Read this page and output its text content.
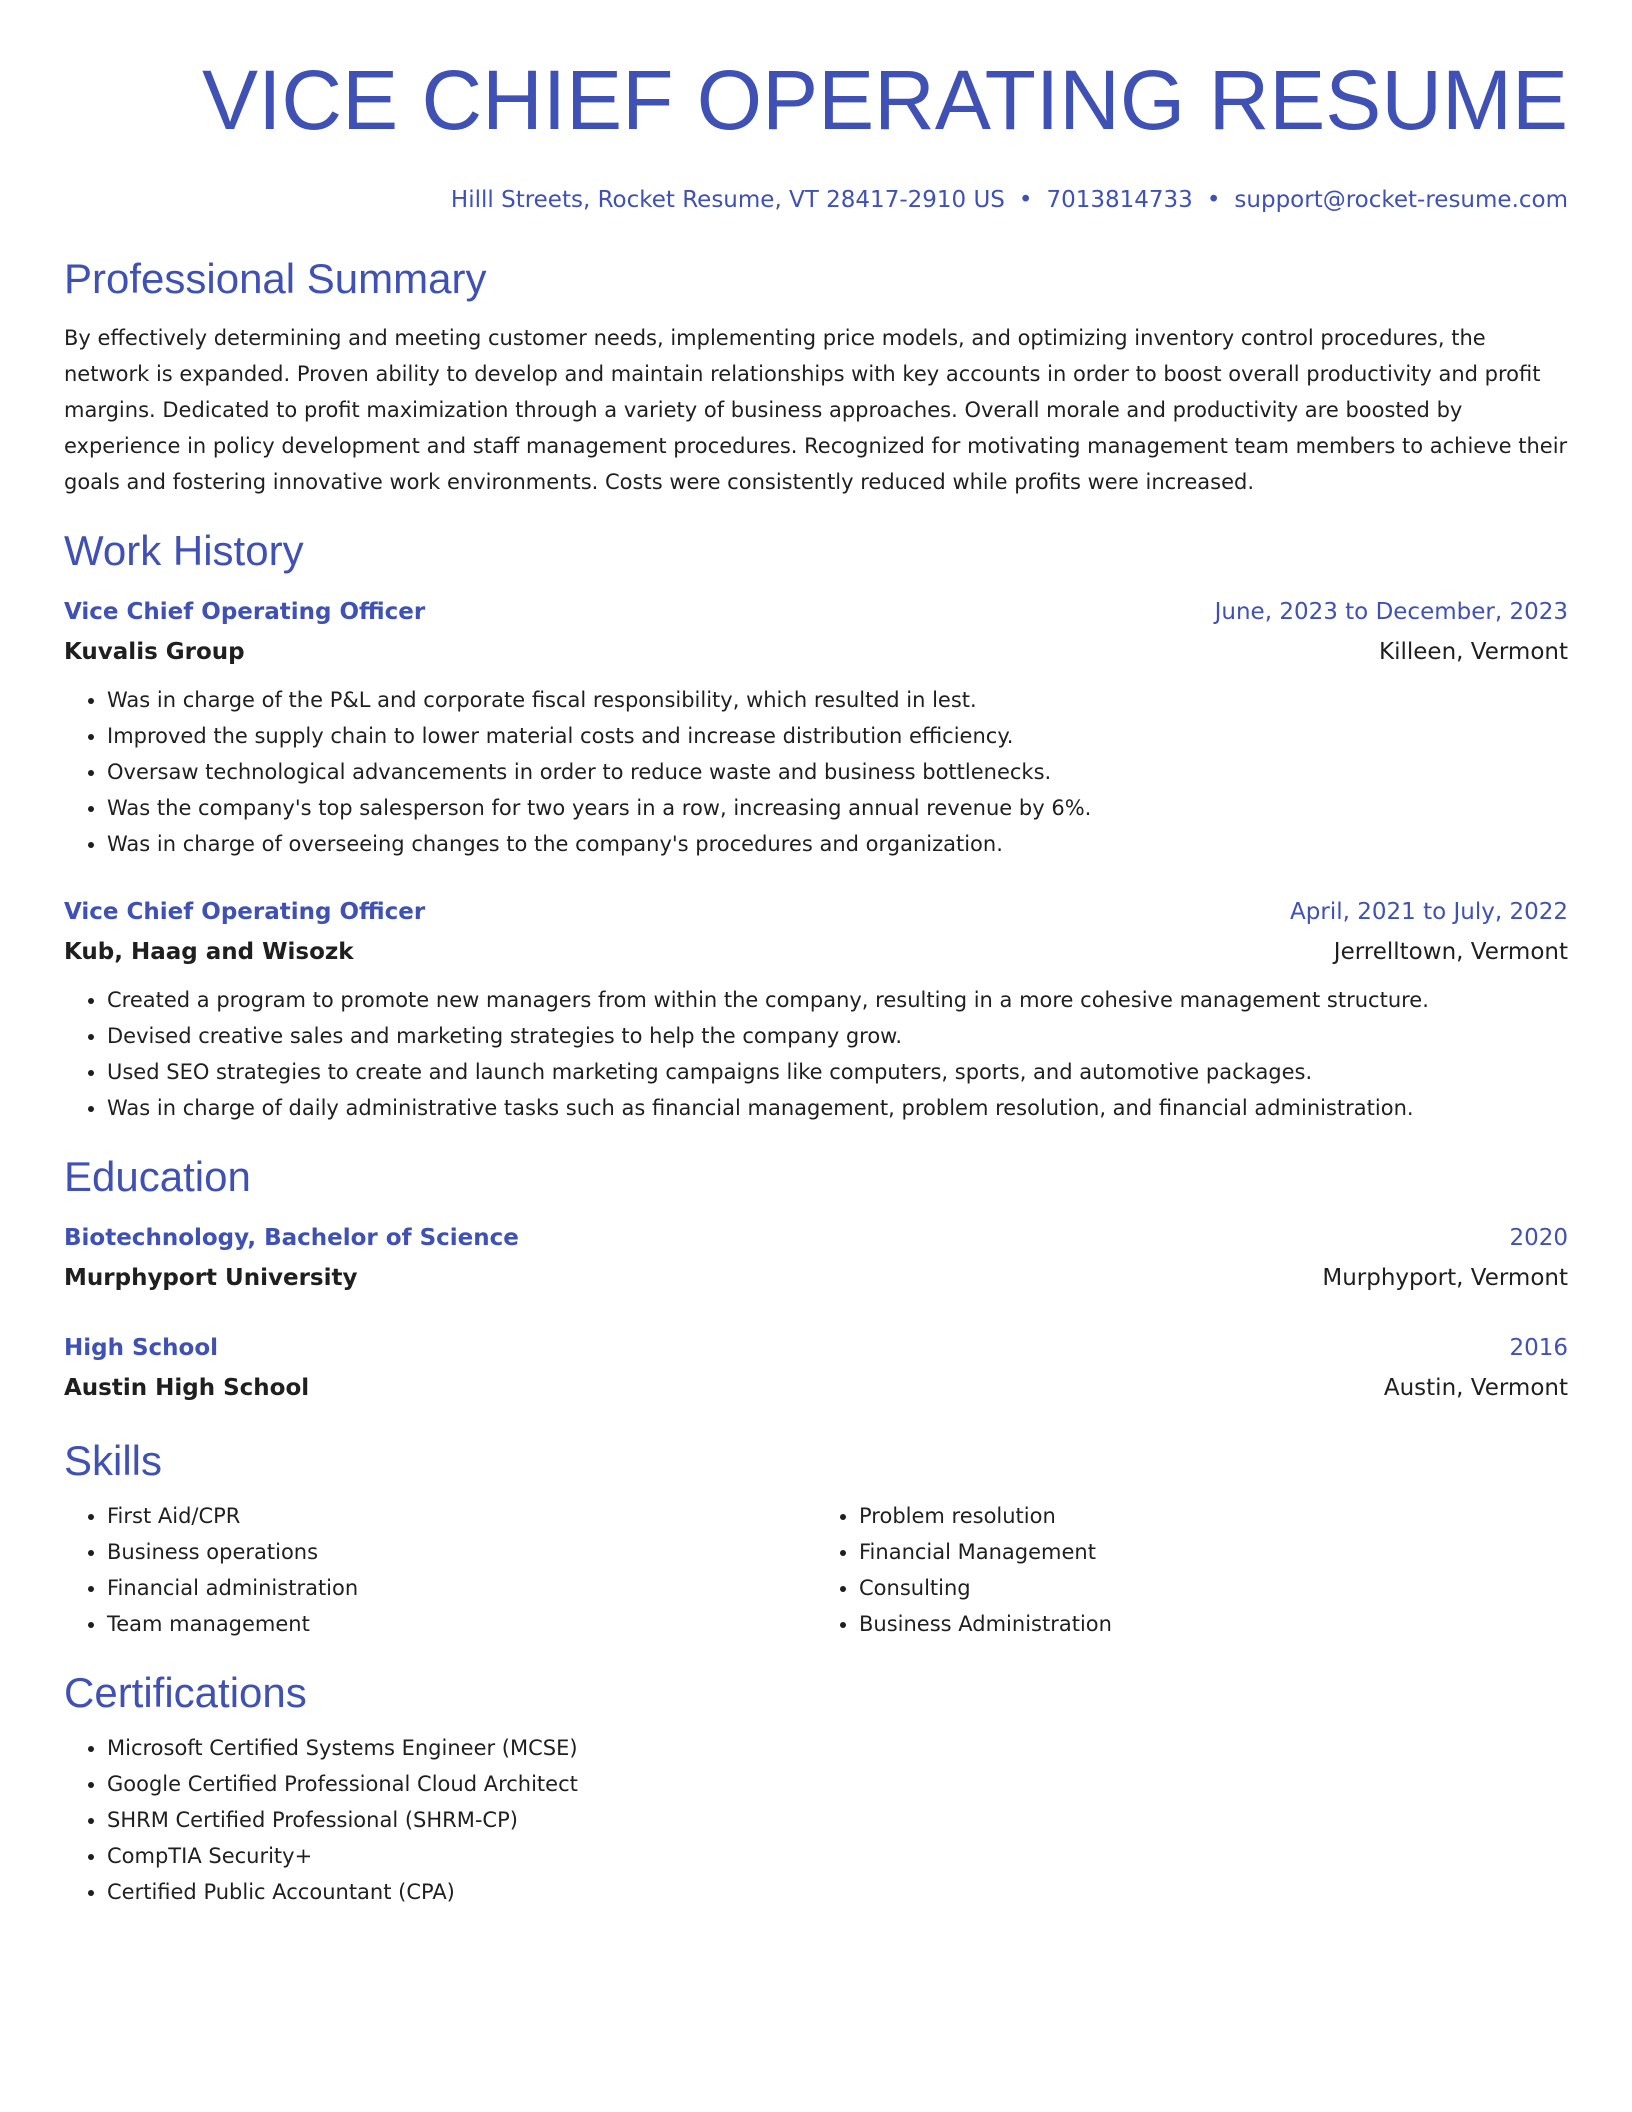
VICE CHIEF OPERATING RESUME
Hilll Streets, Rocket Resume, VT 28417-2910 US • 7013814733 • support@rocket-resume.com
Professional Summary
By effectively determining and meeting customer needs, implementing price models, and optimizing inventory control procedures, the network is expanded. Proven ability to develop and maintain relationships with key accounts in order to boost overall productivity and profit margins. Dedicated to profit maximization through a variety of business approaches. Overall morale and productivity are boosted by experience in policy development and staff management procedures. Recognized for motivating management team members to achieve their goals and fostering innovative work environments. Costs were consistently reduced while profits were increased.
Work History
Vice Chief Operating Officer	June, 2023 to December, 2023
Kuvalis Group	Killeen, Vermont
• Was in charge of the P&L and corporate fiscal responsibility, which resulted in lest.
• Improved the supply chain to lower material costs and increase distribution efficiency.
• Oversaw technological advancements in order to reduce waste and business bottlenecks.
• Was the company's top salesperson for two years in a row, increasing annual revenue by 6%.
• Was in charge of overseeing changes to the company's procedures and organization.
Vice Chief Operating Officer	April, 2021 to July, 2022
Kub, Haag and Wisozk	Jerrelltown, Vermont
• Created a program to promote new managers from within the company, resulting in a more cohesive management structure.
• Devised creative sales and marketing strategies to help the company grow.
• Used SEO strategies to create and launch marketing campaigns like computers, sports, and automotive packages.
• Was in charge of daily administrative tasks such as financial management, problem resolution, and financial administration.
Education
Biotechnology, Bachelor of Science	2020
Murphyport University	Murphyport, Vermont
High School	2016
Austin High School	Austin, Vermont
Skills
• First Aid/CPR
• Business operations
• Financial administration
• Team management
• Problem resolution
• Financial Management
• Consulting
• Business Administration
Certifications
• Microsoft Certified Systems Engineer (MCSE)
• Google Certified Professional Cloud Architect
• SHRM Certified Professional (SHRM-CP)
• CompTIA Security+
• Certified Public Accountant (CPA)
